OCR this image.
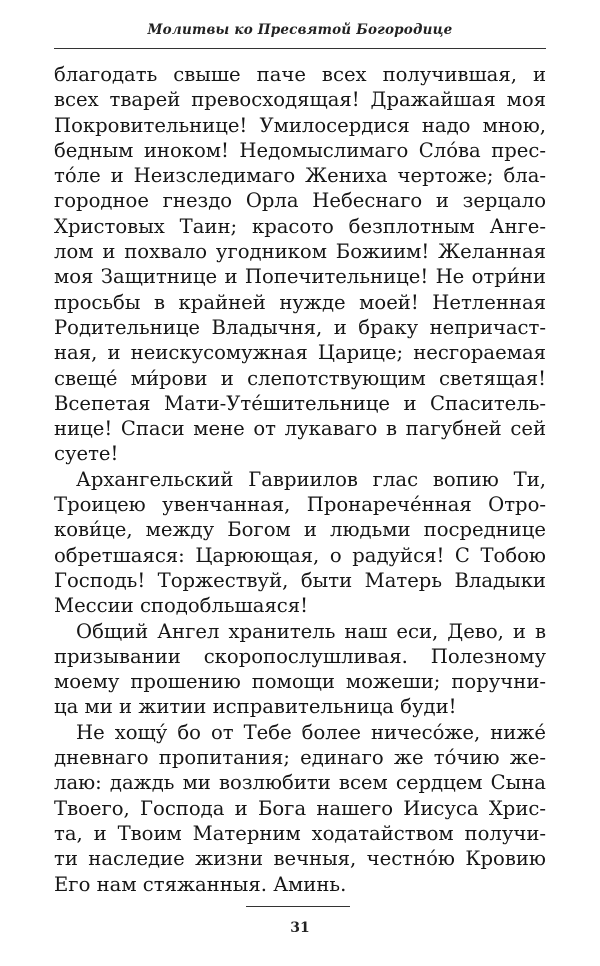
Молитвы ко Пресвятой Богородице
благодать свыше паче всех получившая, и
всех тварей превосходящая! Дражайшая моя
Покровительнице! Умилосердися надо мною,
бедным иноком! Недомыслимаго Сло́ва прес-
то́ле и Неизследимаго Жениха чертоже; бла-
городное гнездо Орла Небеснаго и зерцало
Христовых Таин; красото безплотным Анге-
лом и похвало угодником Божиим! Желанная
моя Защитнице и Попечительнице! Не отри́ни
просьбы в крайней нужде моей! Нетленная
Родительнице Владычня, и браку непричаст-
ная, и неискусомужная Царице; несгораемая
свеще́ ми́рови и слепотствующим светящая!
Всепетая Мати-Уте́шительнице и Спаситель-
нице! Спаси мене от лукаваго в пагубней сей
суете!
Архангельский Гавриилов глас вопию Ти,
Троицею увенчанная, Пронарече́нная Отро-
кови́це, между Богом и людьми посреднице
обретшаяся: Царюющая, о радуйся! С Тобою
Господь! Торжествуй, быти Матерь Владыки
Мессии сподобльшаяся!
Общий Ангел хранитель наш еси, Дево, и в
призывании скоропослушливая. Полезному
моему прошению помощи можеши; поручни-
ца ми и житии исправительница буди!
Не хощу́ бо от Тебе более ничесо́же, ниже́
дневнаго пропитания; единаго же то́чию же-
лаю: даждь ми возлюбити всем сердцем Сына
Твоего, Господа и Бога нашего Иисуса Хрис-
та, и Твоим Матерним ходатайством получи-
ти наследие жизни вечныя, честно́ю Кровию
Его нам стяжанныя. Аминь.
31
